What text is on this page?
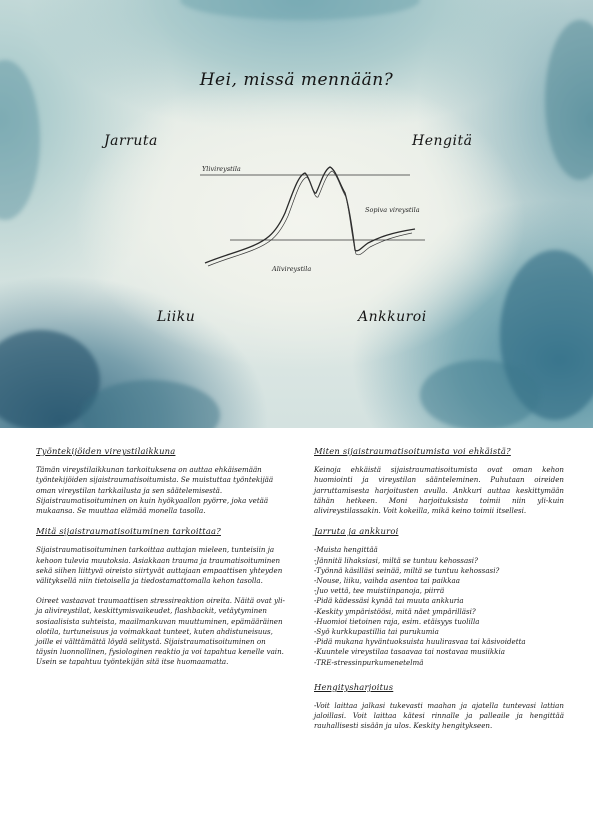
Hei, missä mennään?
Jarruta	Hengitä
Liiku	Ankkuroi
Ylivireystila
Sopiva vireystila
Alivireystila
Työntekijöiden vireystilaikkuna

Tämän vireystilaikkunan tarkoituksena on auttaa ehkäisemään työntekijöiden sijaistraumatisoitumista. Se muistuttaa työntekijää oman vireystilan tarkkailusta ja sen säätelemisestä. Sijaistraumatisoituminen on kuin hyökyaallon pyörre, joka vetää mukaansa. Se muuttaa elämää monella tasolla.

Mitä sijaistraumatisoituminen tarkoittaa?

Sijaistraumatisoituminen tarkoittaa auttajan mieleen, tunteisiin ja kehoon tulevia muutoksia. Asiakkaan trauma ja traumatisoituminen sekä siihen liittyvä oireisto siirtyvät auttajaan empaattisen yhteyden välityksellä niin tietoisella ja tiedostamattomalla kehon tasolla.

Oireet vastaavat traumaattisen stressireaktion oireita. Näitä ovat yli-ja alivireystilat, keskittymisvaikeudet, flashbackit, vetäytyminen sosiaalisista suhteista, maailmankuvan muuttuminen, epämääräinen olotila, turtuneisuus ja voimakkaat tunteet, kuten ahdistuneisuus, joille ei välttämättä löydä selitystä. Sijaistraumatisoituminen on täysin luonnollinen, fysiologinen reaktio ja voi tapahtua kenelle vain. Usein se tapahtuu työntekijän sitä itse huomaamatta.

Miten sijaistraumatisoitumista voi ehkäistä?

Keinoja ehkäistä sijaistraumatisoitumista ovat oman kehon huomiointi ja vireystilan säänteleminen. Puhutaan oireiden jarruttamisesta harjoitusten avulla. Ankkuri auttaa keskittymään tähän hetkeen. Moni harjoituksista toimii niin yli-kuin alivireystilassakin. Voit kokeilla, mikä keino toimii itsellesi.

Jarruta ja ankkuroi
-Muista hengittää
-Jännitä lihaksiasi, miltä se tuntuu kehossasi?
-Työnnä käsilläsi seinää, miltä se tuntuu kehossasi?
-Nouse, liiku, vaihda asentoa tai paikkaa
-Juo vettä, tee muistiinpanoja, piirrä
-Pidä kädessäsi kynää tai muuta ankkuria
-Keskity ympäristöösi, mitä näet ympärilläsi?
-Huomioi tietoinen raja, esim. etäisyys tuolilla
-Syö kurkkupastillia tai purukumia
-Pidä mukana hyväntuoksuista huulirasvaa tai käsivoidetta
-Kuuntele vireystilaa tasaavaa tai nostavaa musiikkia
-TRE-stressinpurkumenetelmä
Hengitysharjoitus

-Voit laittaa jalkasi tukevasti maahan ja ajatella tuntevasi lattian jaloillasi. Voit laittaa kätesi rinnalle ja palleaile ja hengittää rauhallisesti sisään ja ulos. Keskity hengitykseen.
